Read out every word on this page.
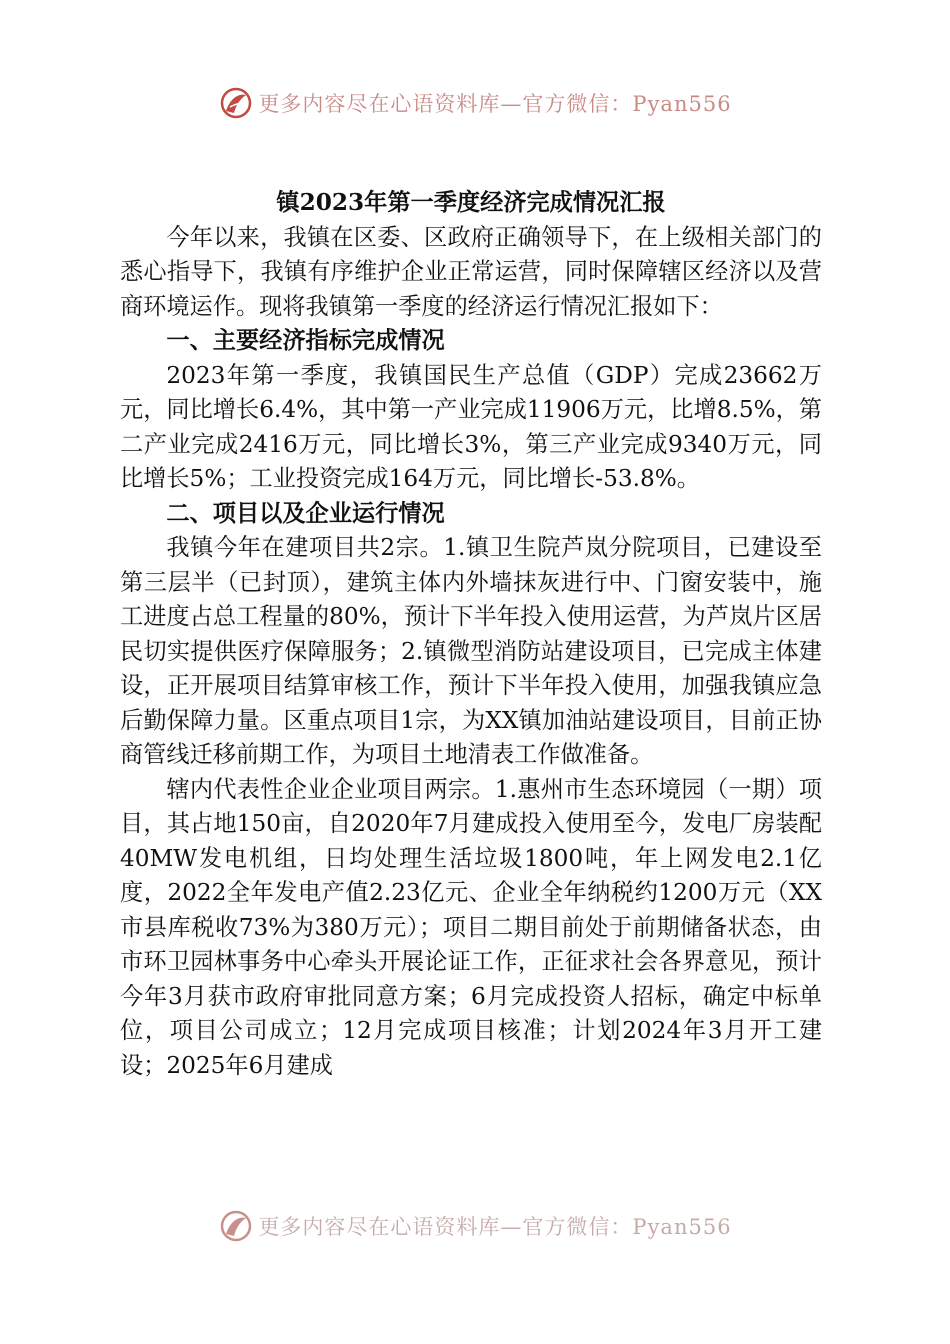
更多内容尽在心语资料库—官方微信：Pyan556

镇2023年第一季度经济完成情况汇报

今年以来，我镇在区委、区政府正确领导下，在上级相关部门的悉心指导下，我镇有序维护企业正常运营，同时保障辖区经济以及营商环境运作。现将我镇第一季度的经济运行情况汇报如下：

一、主要经济指标完成情况

2023年第一季度，我镇国民生产总值（GDP）完成23662万元，同比增长6.4%，其中第一产业完成11906万元，比增8.5%，第二产业完成2416万元，同比增长3%，第三产业完成9340万元，同比增长5%；工业投资完成164万元，同比增长-53.8%。

二、项目以及企业运行情况

我镇今年在建项目共2宗。1.镇卫生院芦岚分院项目，已建设至第三层半（已封顶），建筑主体内外墙抹灰进行中、门窗安装中，施工进度占总工程量的80%，预计下半年投入使用运营，为芦岚片区居民切实提供医疗保障服务；2.镇微型消防站建设项目，已完成主体建设，正开展项目结算审核工作，预计下半年投入使用，加强我镇应急后勤保障力量。区重点项目1宗，为XX镇加油站建设项目，目前正协商管线迁移前期工作，为项目土地清表工作做准备。

辖内代表性企业企业项目两宗。1.惠州市生态环境园（一期）项目，其占地150亩，自2020年7月建成投入使用至今，发电厂房装配40MW发电机组，日均处理生活垃圾1800吨，年上网发电2.1亿度，2022全年发电产值2.23亿元、企业全年纳税约1200万元（XX市县库税收73%为380万元）；项目二期目前处于前期储备状态，由市环卫园林事务中心牵头开展论证工作，正征求社会各界意见，预计今年3月获市政府审批同意方案；6月完成投资人招标，确定中标单位，项目公司成立；12月完成项目核准；计划2024年3月开工建设；2025年6月建成

更多内容尽在心语资料库—官方微信：Pyan556
